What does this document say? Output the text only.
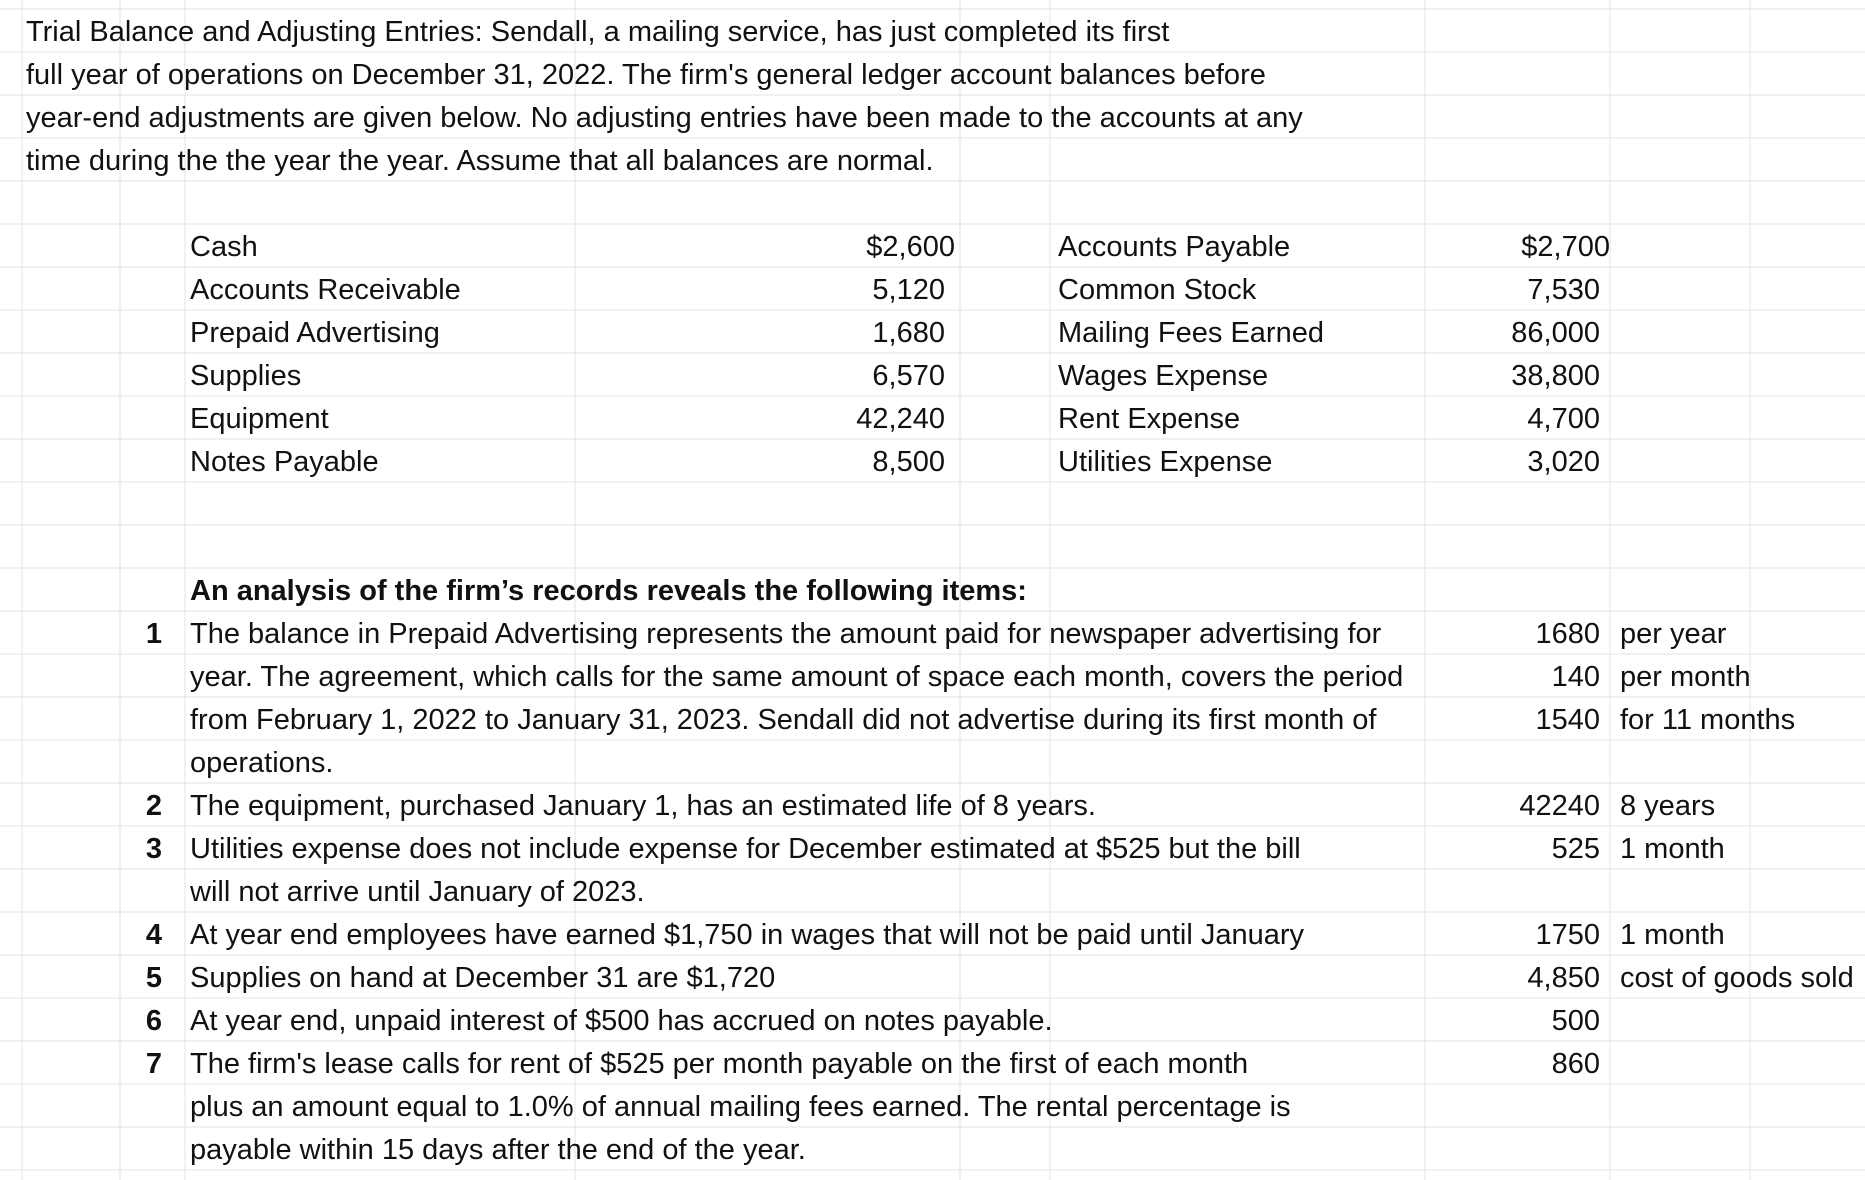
Trial Balance and Adjusting Entries: Sendall, a mailing service, has just completed its first
full year of operations on December 31, 2022. The firm's general ledger account balances before
year-end adjustments are given below. No adjusting entries have been made to the accounts at any
time during the the year the year. Assume that all balances are normal.
Cash	$2,600	Accounts Payable	$2,700
Accounts Receivable	5,120	Common Stock	7,530
Prepaid Advertising	1,680	Mailing Fees Earned	86,000
Supplies	6,570	Wages Expense	38,800
Equipment	42,240	Rent Expense	4,700
Notes Payable	8,500	Utilities Expense	3,020
An analysis of the firm’s records reveals the following items:
1 The balance in Prepaid Advertising represents the amount paid for newspaper advertising for	1680 per year
year. The agreement, which calls for the same amount of space each month, covers the period	140 per month
from February 1, 2022 to January 31, 2023. Sendall did not advertise during its first month of	1540 for 11 months
operations.
2 The equipment, purchased January 1, has an estimated life of 8 years.	42240 8 years
3 Utilities expense does not include expense for December estimated at $525 but the bill	525 1 month
will not arrive until January of 2023.
4 At year end employees have earned $1,750 in wages that will not be paid until January	1750 1 month
5 Supplies on hand at December 31 are $1,720	4,850 cost of goods sold
6 At year end, unpaid interest of $500 has accrued on notes payable.	500
7 The firm's lease calls for rent of $525 per month payable on the first of each month	860
plus an amount equal to 1.0% of annual mailing fees earned. The rental percentage is
payable within 15 days after the end of the year.
